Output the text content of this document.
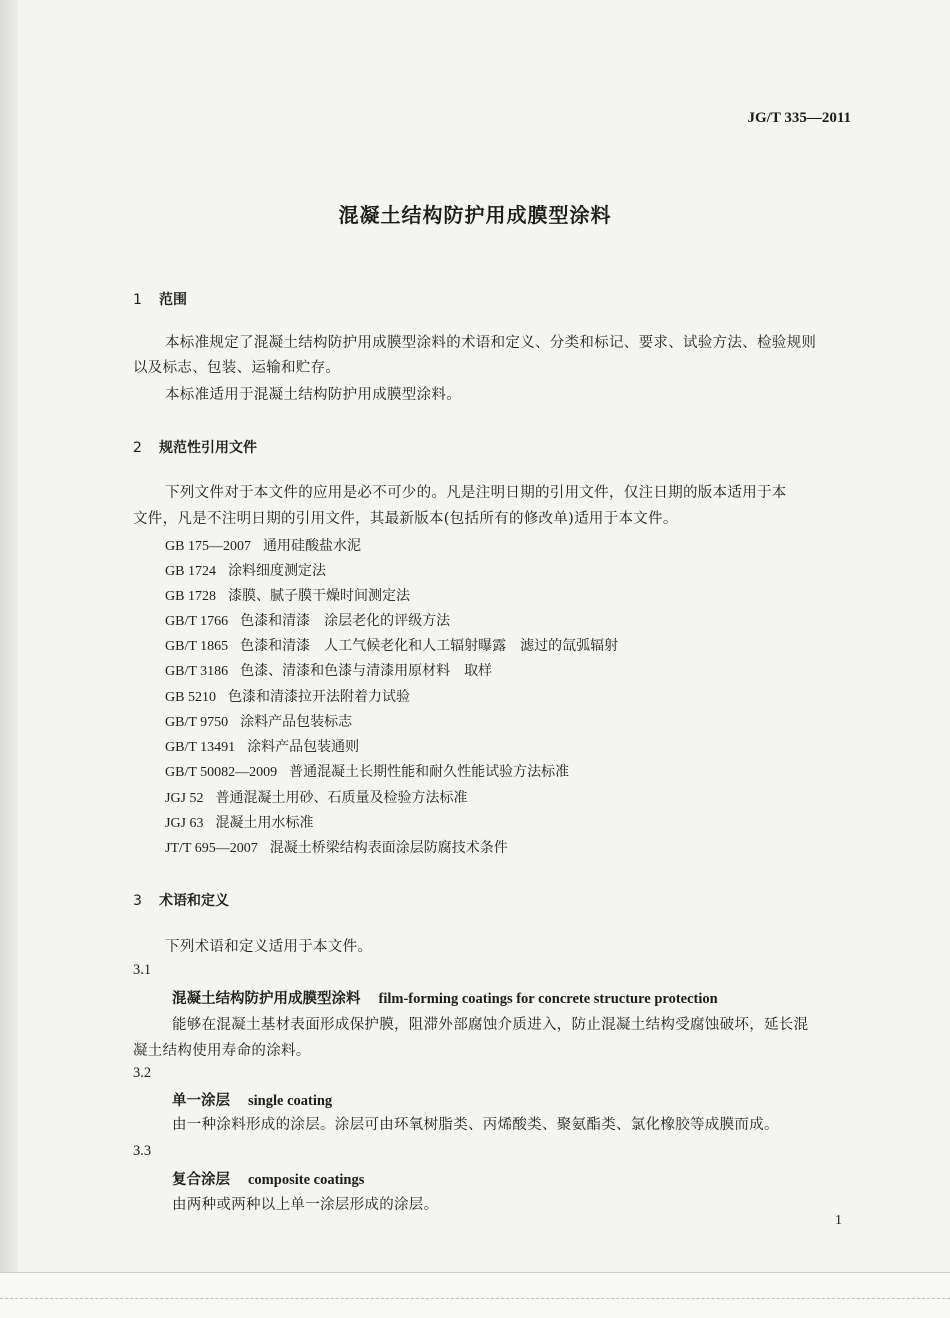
JG/T 335—2011
混凝土结构防护用成膜型涂料
1 范围
本标准规定了混凝土结构防护用成膜型涂料的术语和定义、分类和标记、要求、试验方法、检验规则
以及标志、包装、运输和贮存。
本标准适用于混凝土结构防护用成膜型涂料。
2 规范性引用文件
下列文件对于本文件的应用是必不可少的。凡是注明日期的引用文件，仅注日期的版本适用于本
文件，凡是不注明日期的引用文件，其最新版本(包括所有的修改单)适用于本文件。
GB 175—2007 通用硅酸盐水泥
GB 1724 涂料细度测定法
GB 1728 漆膜、腻子膜干燥时间测定法
GB/T 1766 色漆和清漆　涂层老化的评级方法
GB/T 1865 色漆和清漆　人工气候老化和人工辐射曝露　滤过的氙弧辐射
GB/T 3186 色漆、清漆和色漆与清漆用原材料　取样
GB 5210 色漆和清漆拉开法附着力试验
GB/T 9750 涂料产品包装标志
GB/T 13491 涂料产品包装通则
GB/T 50082—2009 普通混凝土长期性能和耐久性能试验方法标准
JGJ 52 普通混凝土用砂、石质量及检验方法标准
JGJ 63 混凝土用水标准
JT/T 695—2007 混凝土桥梁结构表面涂层防腐技术条件
3 术语和定义
下列术语和定义适用于本文件。
3.1
混凝土结构防护用成膜型涂料 film-forming coatings for concrete structure protection
能够在混凝土基材表面形成保护膜，阻滞外部腐蚀介质进入，防止混凝土结构受腐蚀破坏，延长混
凝土结构使用寿命的涂料。
3.2
单一涂层 single coating
由一种涂料形成的涂层。涂层可由环氧树脂类、丙烯酸类、聚氨酯类、氯化橡胶等成膜而成。
3.3
复合涂层 composite coatings
由两种或两种以上单一涂层形成的涂层。
1
